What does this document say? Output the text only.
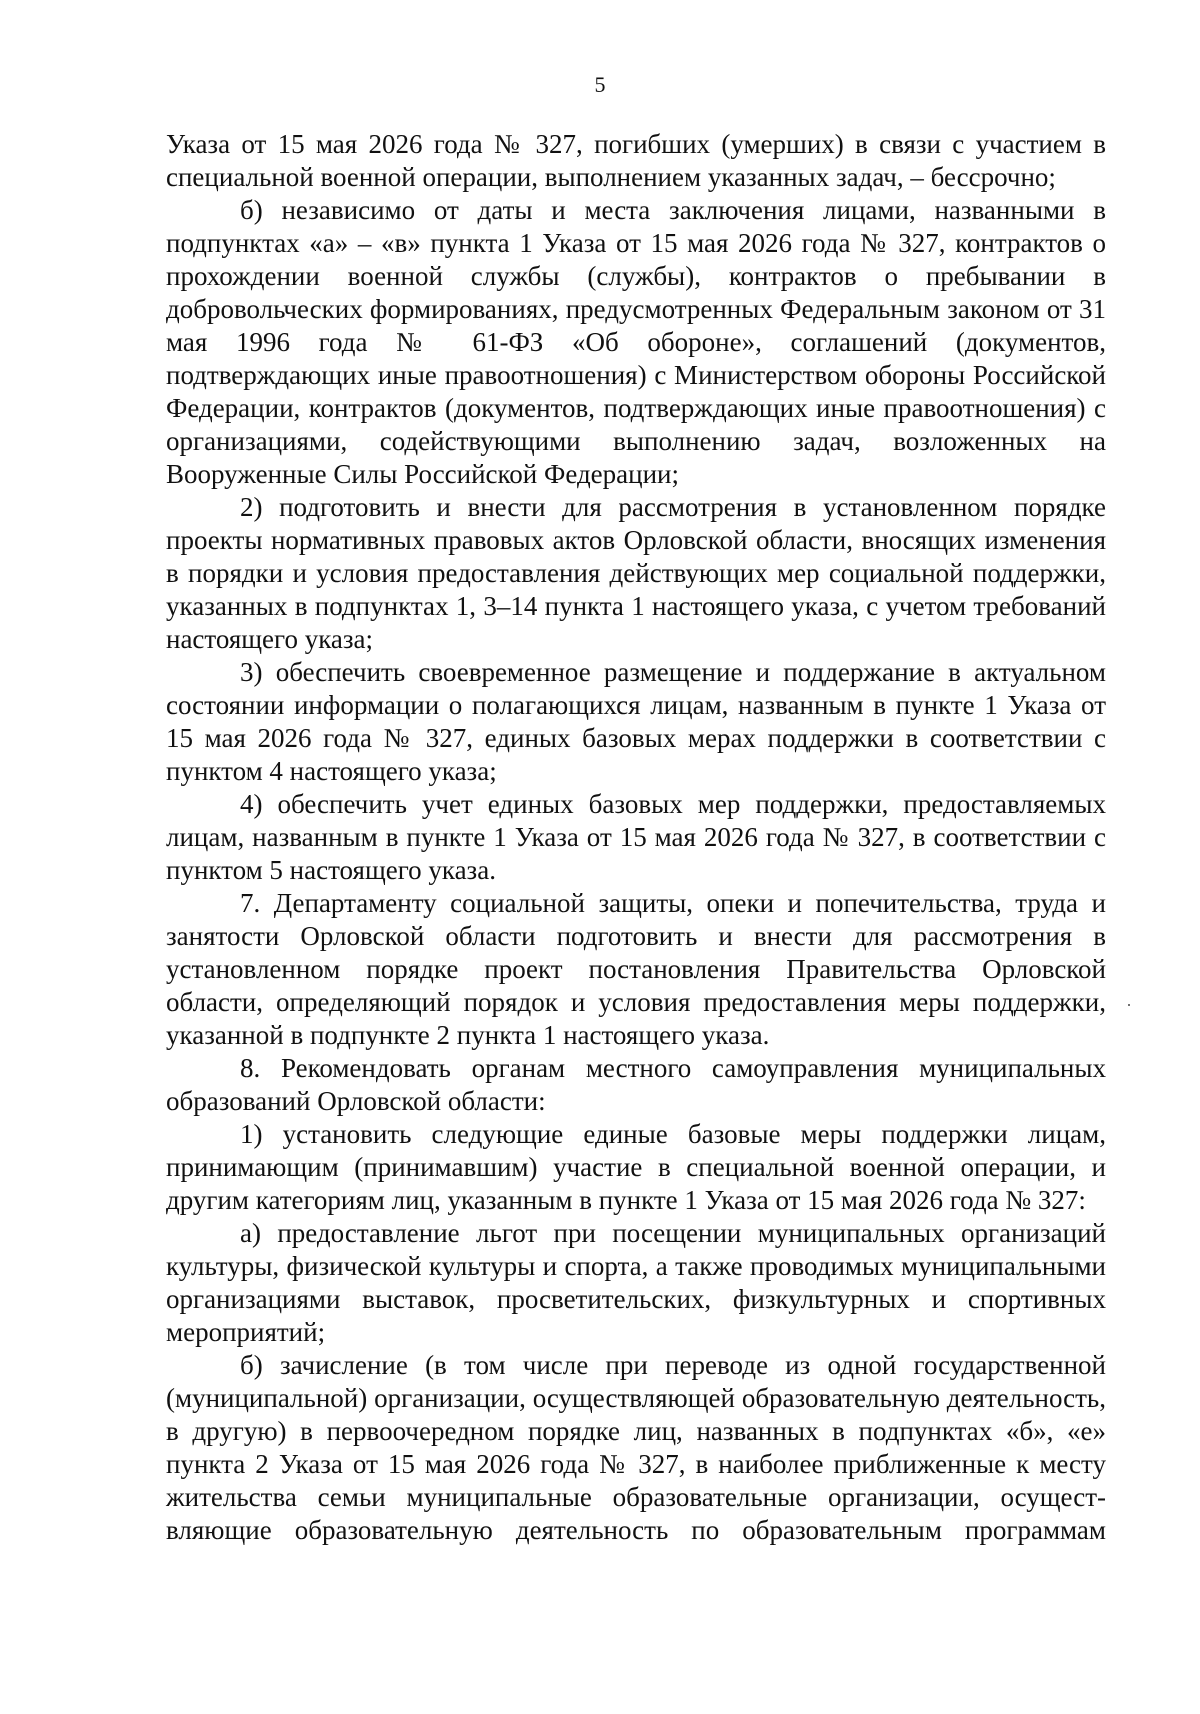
5

Указа от 15 мая 2026 года № 327, погибших (умерших) в связи с участием в специальной военной операции, выполнением указанных задач, – бессрочно;

б) независимо от даты и места заключения лицами, названными в подпунктах «а» – «в» пункта 1 Указа от 15 мая 2026 года № 327, контрактов о прохождении военной службы (службы), контрактов о пребывании в добровольческих формированиях, предусмотренных Федеральным законом от 31 мая 1996 года № 61-ФЗ «Об обороне», соглашений (документов, подтверждающих иные правоотношения) с Министерством обороны Российской Федерации, контрактов (документов, подтверждающих иные правоотношения) с организациями, содействующими выполнению задач, возложенных на Вооруженные Силы Российской Федерации;

2) подготовить и внести для рассмотрения в установленном порядке проекты нормативных правовых актов Орловской области, вносящих изменения в порядки и условия предоставления действующих мер социальной поддержки, указанных в подпунктах 1, 3–14 пункта 1 настоящего указа, с учетом требований настоящего указа;

3) обеспечить своевременное размещение и поддержание в актуальном состоянии информации о полагающихся лицам, названным в пункте 1 Указа от 15 мая 2026 года № 327, единых базовых мерах поддержки в соответствии с пунктом 4 настоящего указа;

4) обеспечить учет единых базовых мер поддержки, предоставляемых лицам, названным в пункте 1 Указа от 15 мая 2026 года № 327, в соответствии с пунктом 5 настоящего указа.

7. Департаменту социальной защиты, опеки и попечительства, труда и занятости Орловской области подготовить и внести для рассмотрения в установленном порядке проект постановления Правительства Орловской области, определяющий порядок и условия предоставления меры поддержки, указанной в подпункте 2 пункта 1 настоящего указа.

8. Рекомендовать органам местного самоуправления муниципальных образований Орловской области:

1) установить следующие единые базовые меры поддержки лицам, принимающим (принимавшим) участие в специальной военной операции, и другим категориям лиц, указанным в пункте 1 Указа от 15 мая 2026 года № 327:

а) предоставление льгот при посещении муниципальных организаций культуры, физической культуры и спорта, а также проводимых муниципальными организациями выставок, просветительских, физкультурных и спортивных мероприятий;

б) зачисление (в том числе при переводе из одной государственной (муниципальной) организации, осуществляющей образовательную деятельность, в другую) в первоочередном порядке лиц, названных в подпунктах «б», «е» пункта 2 Указа от 15 мая 2026 года № 327, в наиболее приближенные к месту жительства семьи муниципальные образовательные организации, осуществляющие образовательную деятельность по образовательным программам
